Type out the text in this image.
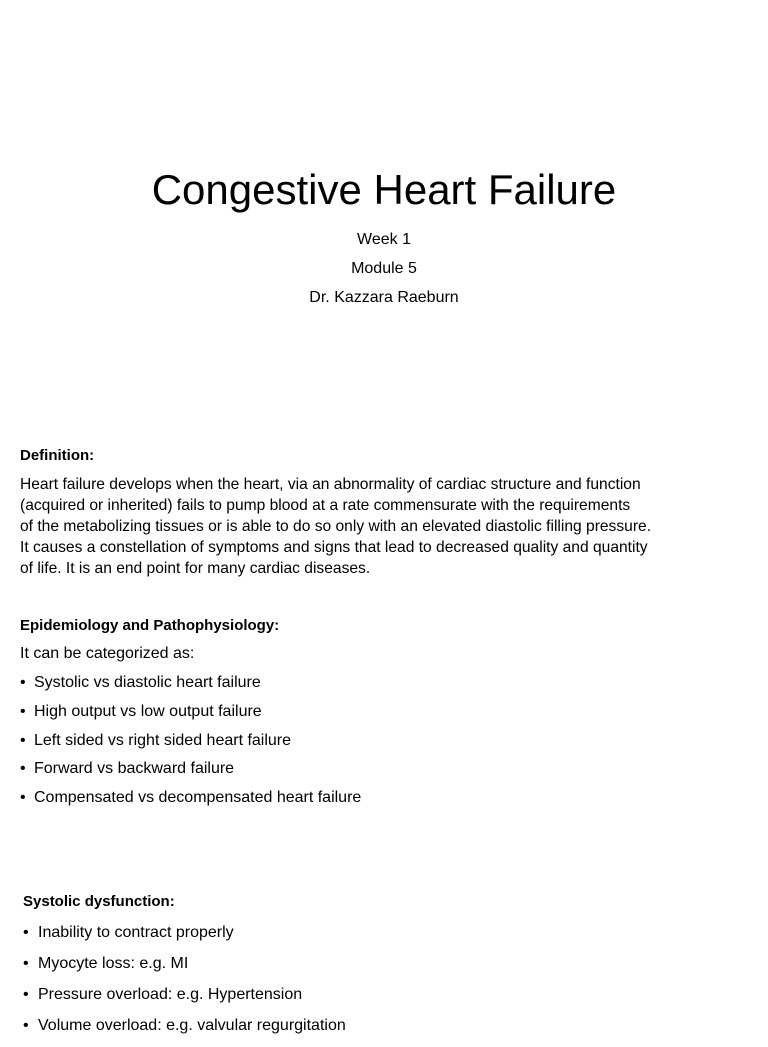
Congestive Heart Failure
Week 1
Module 5
Dr. Kazzara Raeburn
Definition:
Heart failure develops when the heart, via an abnormality of cardiac structure and function
(acquired or inherited) fails to pump blood at a rate commensurate with the requirements
of the metabolizing tissues or is able to do so only with an elevated diastolic filling pressure.
It causes a constellation of symptoms and signs that lead to decreased quality and quantity
of life. It is an end point for many cardiac diseases.
Epidemiology and Pathophysiology:
It can be categorized as:
• Systolic vs diastolic heart failure
• High output vs low output failure
• Left sided vs right sided heart failure
• Forward vs backward failure
• Compensated vs decompensated heart failure
Systolic dysfunction:
• Inability to contract properly
• Myocyte loss: e.g. MI
• Pressure overload: e.g. Hypertension
• Volume overload: e.g. valvular regurgitation
